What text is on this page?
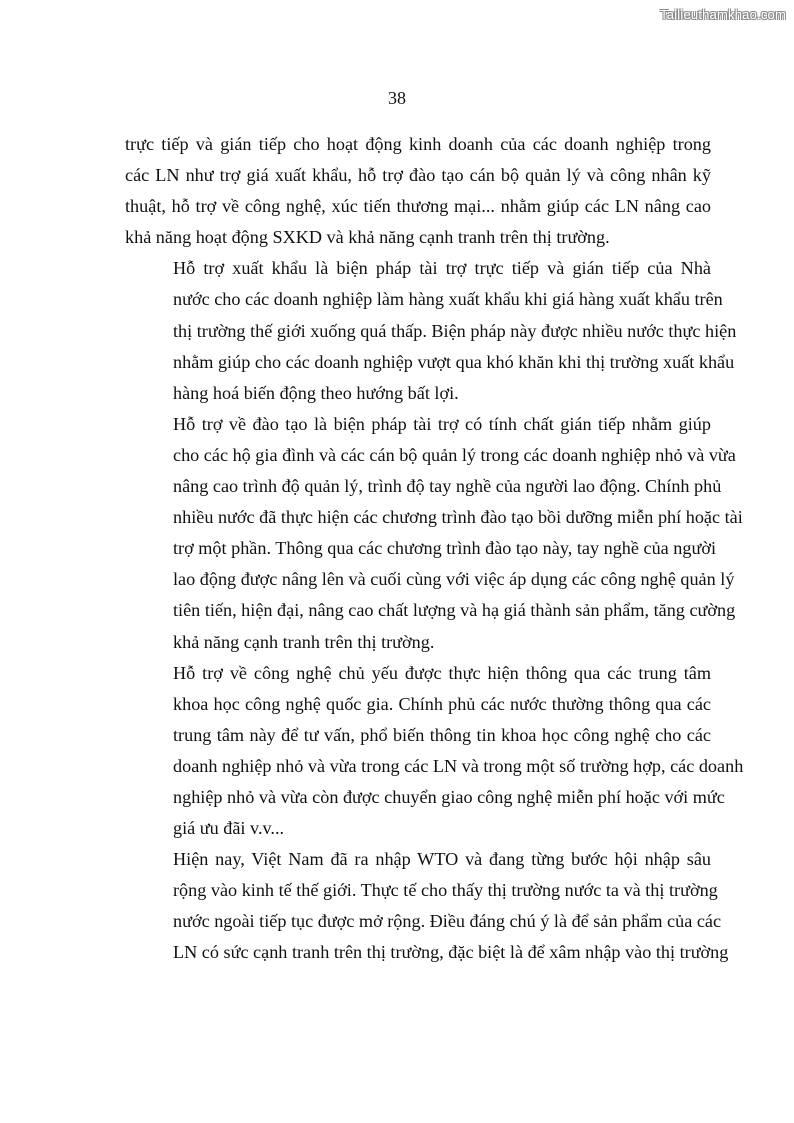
Tailieuthamkhao.com
38

trực tiếp và gián tiếp cho hoạt động kinh doanh của các doanh nghiệp trong
các LN như trợ giá xuất khẩu, hỗ trợ đào tạo cán bộ quản lý và công nhân kỹ
thuật, hỗ trợ về công nghệ, xúc tiến thương mại... nhằm giúp các LN nâng cao
khả năng hoạt động SXKD và khả năng cạnh tranh trên thị trường.

Hỗ trợ xuất khẩu là biện pháp tài trợ trực tiếp và gián tiếp của Nhà
nước cho các doanh nghiệp làm hàng xuất khẩu khi giá hàng xuất khẩu trên
thị trường thế giới xuống quá thấp. Biện pháp này được nhiều nước thực hiện
nhằm giúp cho các doanh nghiệp vượt qua khó khăn khi thị trường xuất khẩu
hàng hoá biến động theo hướng bất lợi.

Hỗ trợ về đào tạo là biện pháp tài trợ có tính chất gián tiếp nhằm giúp
cho các hộ gia đình và các cán bộ quản lý trong các doanh nghiệp nhỏ và vừa
nâng cao trình độ quản lý, trình độ tay nghề của người lao động. Chính phủ
nhiều nước đã thực hiện các chương trình đào tạo bồi dưỡng miễn phí hoặc tài
trợ một phần. Thông qua các chương trình đào tạo này, tay nghề của người
lao động được nâng lên và cuối cùng với việc áp dụng các công nghệ quản lý
tiên tiến, hiện đại, nâng cao chất lượng và hạ giá thành sản phẩm, tăng cường
khả năng cạnh tranh trên thị trường.

Hỗ trợ về công nghệ chủ yếu được thực hiện thông qua các trung tâm
khoa học công nghệ quốc gia. Chính phủ các nước thường thông qua các
trung tâm này để tư vấn, phổ biến thông tin khoa học công nghệ cho các
doanh nghiệp nhỏ và vừa trong các LN và trong một số trường hợp, các doanh
nghiệp nhỏ và vừa còn được chuyển giao công nghệ miễn phí hoặc với mức
giá ưu đãi v.v...

Hiện nay, Việt Nam đã ra nhập WTO và đang từng bước hội nhập sâu
rộng vào kinh tế thế giới. Thực tế cho thấy thị trường nước ta và thị trường
nước ngoài tiếp tục được mở rộng. Điều đáng chú ý là để sản phẩm của các
LN có sức cạnh tranh trên thị trường, đặc biệt là để xâm nhập vào thị trường
